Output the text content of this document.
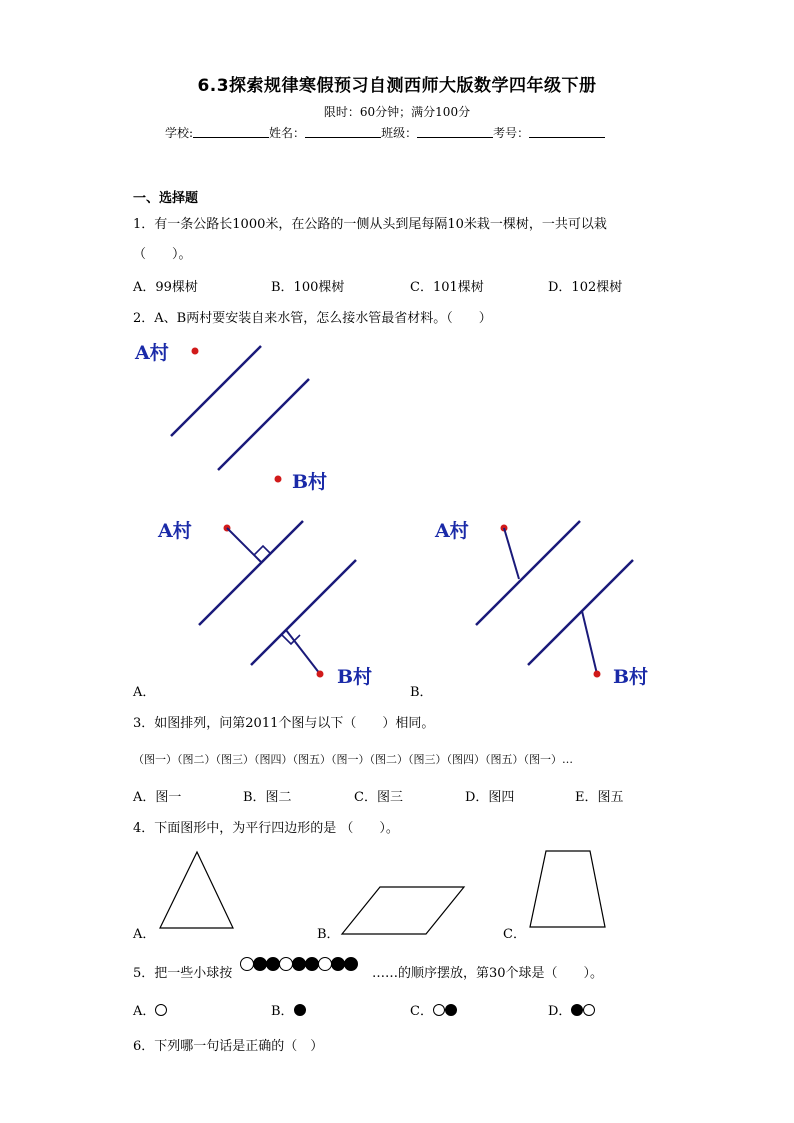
6.3探索规律寒假预习自测西师大版数学四年级下册
限时：60分钟；满分100分
学校:	姓名：	班级：	考号：
一、选择题
1．有一条公路长1000米，在公路的一侧从头到尾每隔10米栽一棵树，一共可以栽
（　　）。
A．99棵树	B．100棵树	C．101棵树	D．102棵树
2．A、B两村要安装自来水管，怎么接水管最省材料。（　　）
A村
B村
A村
B村
A村
B村
A．	B．
3．如图排列，问第2011个图与以下（　　）相同。
（图一）（图二）（图三）（图四）（图五）（图一）（图二）（图三）（图四）（图五）（图一）…
A．图一	B．图二	C．图三	D．图四	E．图五
4．下面图形中，为平行四边形的是 （　　）。
A．	B．	C．
5．把一些小球按	……的顺序摆放，第30个球是（　　）。
A．	B．	C．	D．
6．下列哪一句话是正确的（　）
